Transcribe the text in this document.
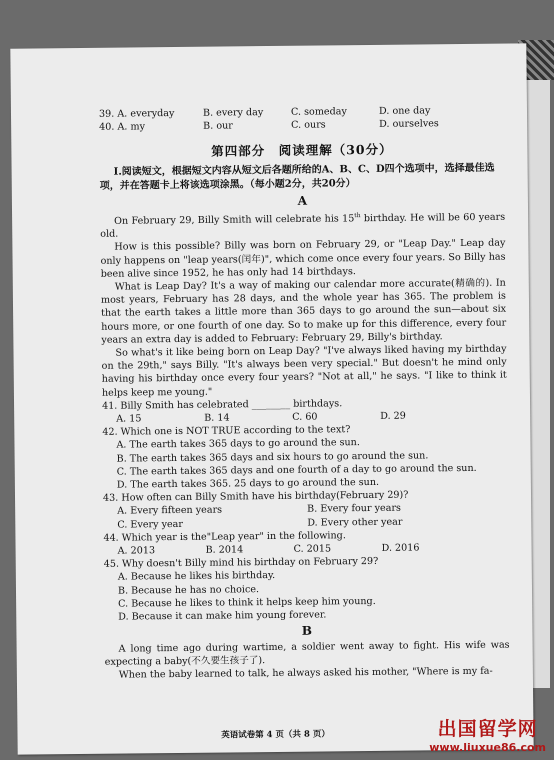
39. A. everyday	B. every day	C. someday	D. one day
40. A. my	B. our	C. ours	D. ourselves
第四部分　阅读理解（30分）
Ⅰ.阅读短文，根据短文内容从短文后各题所给的A、B、C、D四个选项中，选择最佳选项，并在答题卡上将该选项涂黑。（每小题2分，共20分）
A

On February 29, Billy Smith will celebrate his 15th birthday. He will be 60 years old.

How is this possible? Billy was born on February 29, or "Leap Day." Leap day only happens on "leap years(闰年)", which come once every four years. So Billy has been alive since 1952, he has only had 14 birthdays.

What is Leap Day? It's a way of making our calendar more accurate(精确的). In most years, February has 28 days, and the whole year has 365. The problem is that the earth takes a little more than 365 days to go around the sun—about six hours more, or one fourth of one day. So to make up for this difference, every four years an extra day is added to February: February 29, Billy's birthday.

So what's it like being born on Leap Day? "I've always liked having my birthday on the 29th," says Billy. "It's always been very special." But doesn't he mind only having his birthday once every four years? "Not at all," he says. "I like to think it helps keep me young."

41. Billy Smith has celebrated ________ birthdays.
A. 15	B. 14	C. 60	D. 29
42. Which one is NOT TRUE according to the text?
A. The earth takes 365 days to go around the sun.
B. The earth takes 365 days and six hours to go around the sun.
C. The earth takes 365 days and one fourth of a day to go around the sun.
D. The earth takes 365. 25 days to go around the sun.
43. How often can Billy Smith have his birthday(February 29)?
A. Every fifteen years	B. Every four years
C. Every year	D. Every other year
44. Which year is the"Leap year" in the following.
A. 2013	B. 2014	C. 2015	D. 2016
45. Why doesn't Billy mind his birthday on February 29?
A. Because he likes his birthday.
B. Because he has no choice.
C. Because he likes to think it helps keep him young.
D. Because it can make him young forever.
B

A long time ago during wartime, a soldier went away to fight. His wife was expecting a baby(不久要生孩子了).

When the baby learned to talk, he always asked his mother, "Where is my fa-

英语试卷第 4 页（共 8 页）	出国留学网
www.liuxue86.com
